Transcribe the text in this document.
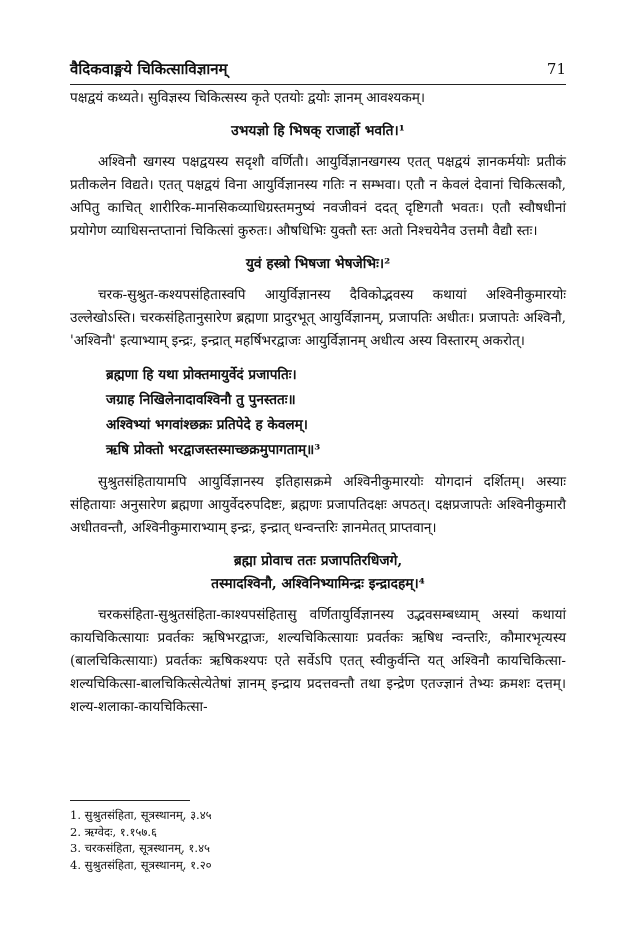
वैदिकवाङ्मये चिकित्साविज्ञानम्	71

पक्षद्वयं कथ्यते। सुविज्ञस्य चिकित्सस्य कृते एतयोः द्वयोः ज्ञानम् आवश्यकम्।

उभयज्ञो हि भिषक् राजार्हो भवति।¹

अश्विनौ खगस्य पक्षद्वयस्य सदृशौ वर्णितौ। आयुर्विज्ञानखगस्य एतत् पक्षद्वयं ज्ञानकर्मयोः प्रतीकं प्रतीकलेन विद्यते। एतत् पक्षद्वयं विना आयुर्विज्ञानस्य गतिः न सम्भवा। एतौ न केवलं देवानां चिकित्सकौ, अपितु काचित् शारीरिक-मानसिकव्याधिग्रस्तमनुष्यं नवजीवनं ददत् दृष्टिगतौ भवतः। एतौ स्वौषधीनां प्रयोगेण व्याधिसन्तप्तानां चिकित्सां कुरुतः। औषधिभिः युक्तौ स्तः अतो निश्चयेनैव उत्तमौ वैद्यौ स्तः।

युवं हस्त्रो भिषजा भेषजेभिः।²

चरक-सुश्रुत-कश्यपसंहितास्वपि आयुर्विज्ञानस्य दैविकोद्भवस्य कथायां अश्विनीकुमारयोः उल्लेखोऽस्ति। चरकसंहितानुसारेण ब्रह्मणा प्रादुरभूत् आयुर्विज्ञानम्, प्रजापतिः अधीतः। प्रजापतेः अश्विनौ, 'अश्विनौ' इत्याभ्याम् इन्द्रः, इन्द्रात् महर्षिभरद्वाजः आयुर्विज्ञानम् अधीत्य अस्य विस्तारम् अकरोत्।

ब्रह्मणा हि यथा प्रोक्तमायुर्वेदं प्रजापतिः।
जग्राह निखिलेनादावश्विनौ तु पुनस्ततः॥
अश्विभ्यां भगवांश्छक्रः प्रतिपेदे ह केवलम्।
ऋषि प्रोक्तो भरद्वाजस्तस्माच्छक्रमुपागताम्॥³

सुश्रुतसंहितायामपि आयुर्विज्ञानस्य इतिहासक्रमे अश्विनीकुमारयोः योगदानं दर्शितम्। अस्याः संहितायाः अनुसारेण ब्रह्मणा आयुर्वेदरुपदिष्टः, ब्रह्मणः प्रजापतिदक्षः अपठत्। दक्षप्रजापतेः अश्विनीकुमारौ अधीतवन्तौ, अश्विनीकुमाराभ्याम् इन्द्रः, इन्द्रात् धन्वन्तरिः ज्ञानमेतत् प्राप्तवान्।

ब्रह्मा प्रोवाच ततः प्रजापतिरधिजगे,
तस्मादश्विनौ, अश्विनिभ्यामिन्द्रः इन्द्रादहम्।⁴

चरकसंहिता-सुश्रुतसंहिता-काश्यपसंहितासु वर्णितायुर्विज्ञानस्य उद्भवसम्बध्याम् अस्यां कथायां कायचिकित्सायाः प्रवर्तकः ऋषिभरद्वाजः, शल्यचिकित्सायाः प्रवर्तकः ऋषिध न्वन्तरिः, कौमारभृत्यस्य (बालचिकित्सायाः) प्रवर्तकः ऋषिकश्यपः एते सर्वेऽपि एतत् स्वीकुर्वन्ति यत् अश्विनौ कायचिकित्सा-शल्यचिकित्सा-बालचिकित्सेत्येतेषां ज्ञानम् इन्द्राय प्रदत्तवन्तौ तथा इन्द्रेण एतज्ज्ञानं तेभ्यः क्रमशः दत्तम्। शल्य-शलाका-कायचिकित्सा-

1. सुश्रुतसंहिता, सूत्रस्थानम्, ३.४५
2. ऋग्वेदः, १.१५७.६
3. चरकसंहिता, सूत्रस्थानम्, १.४५
4. सुश्रुतसंहिता, सूत्रस्थानम्, १.२०
